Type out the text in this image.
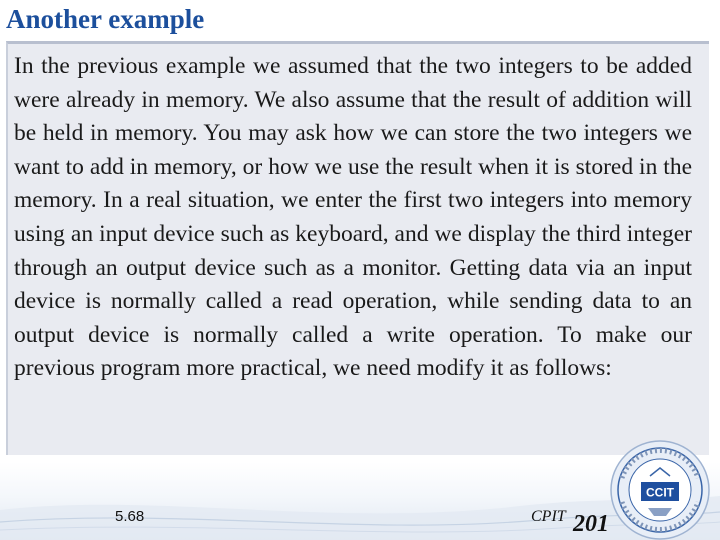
Another example

In the previous example we assumed that the two integers to be added were already in memory. We also assume that the result of addition will be held in memory. You may ask how we can store the two integers we want to add in memory, or how we use the result when it is stored in the memory. In a real situation, we enter the first two integers into memory using an input device such as keyboard, and we display the third integer through an output device such as a monitor. Getting data via an input device is normally called a read operation, while sending data to an output device is normally called a write operation. To make our previous program more practical, we need modify it as follows:

5.68	CPIT 201
CCIT
